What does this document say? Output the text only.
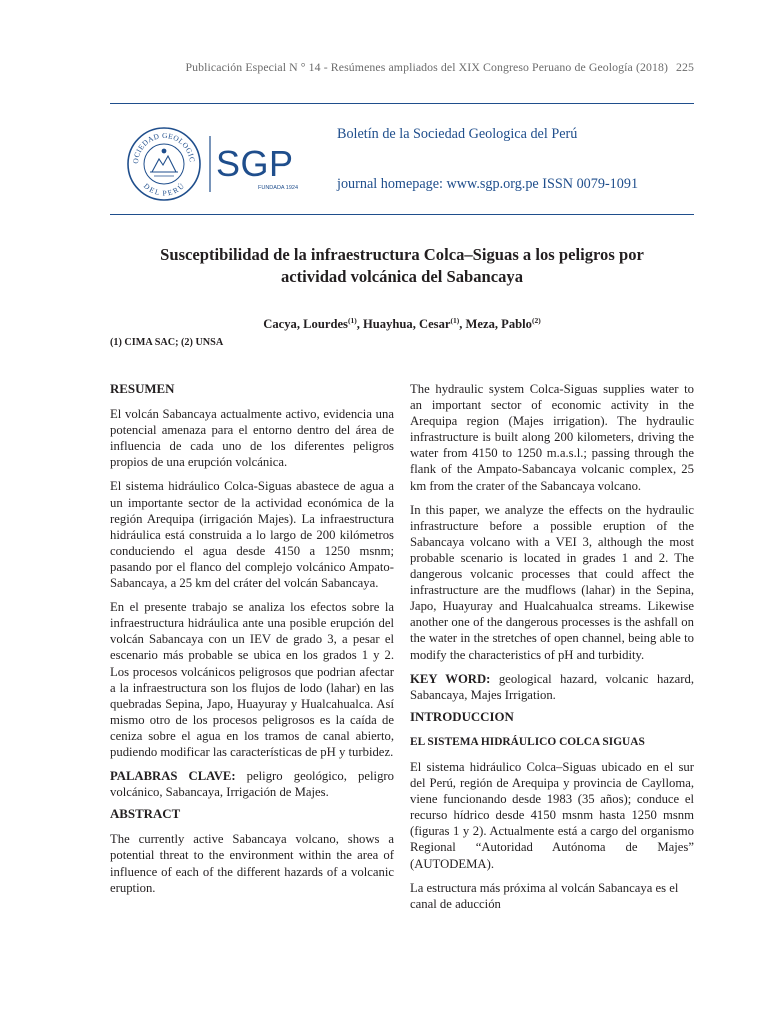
Publicación Especial N ° 14 - Resúmenes ampliados del XIX Congreso Peruano de Geología (2018) 225
OCIEDAD GEOLOGIC
DEL PERÚ
SGP
FUNDADA 1924
Boletín de la Sociedad Geologica del Perú
journal homepage: www.sgp.org.pe ISSN 0079-1091
Susceptibilidad de la infraestructura Colca–Siguas a los peligros por
actividad volcánica del Sabancaya
Cacya, Lourdes$^{(1)}$, Huayhua, Cesar$^{(1)}$, Meza, Pablo$^{(2)}$
(1) CIMA SAC; (2) UNSA
RESUMEN

El volcán Sabancaya actualmente activo, evidencia una potencial amenaza para el entorno dentro del área de influencia de cada uno de los diferentes peligros propios de una erupción volcánica.

El sistema hidráulico Colca-Siguas abastece de agua a un importante sector de la actividad económica de la región Arequipa (irrigación Majes). La infraestructura hidráulica está construida a lo largo de 200 kilómetros conduciendo el agua desde 4150 a 1250 msnm; pasando por el flanco del complejo volcánico Ampato-Sabancaya, a 25 km del cráter del volcán Sabancaya.

En el presente trabajo se analiza los efectos sobre la infraestructura hidráulica ante una posible erupción del volcán Sabancaya con un IEV de grado 3, a pesar el escenario más probable se ubica en los grados 1 y 2. Los procesos volcánicos peligrosos que podrian afectar a la infraestructura son los flujos de lodo (lahar) en las quebradas Sepina, Japo, Huayuray y Hualcahualca. Así mismo otro de los procesos peligrosos es la caída de ceniza sobre el agua en los tramos de canal abierto, pudiendo modificar las características de pH y turbidez.

PALABRAS CLAVE: peligro geológico, peligro volcánico, Sabancaya, Irrigación de Majes.

ABSTRACT

The currently active Sabancaya volcano, shows a potential threat to the environment within the area of influence of each of the different hazards of a volcanic eruption.

The hydraulic system Colca-Siguas supplies water to an important sector of economic activity in the Arequipa region (Majes irrigation). The hydraulic infrastructure is built along 200 kilometers, driving the water from 4150 to 1250 m.a.s.l.; passing through the flank of the Ampato-Sabancaya volcanic complex, 25 km from the crater of the Sabancaya volcano.

In this paper, we analyze the effects on the hydraulic infrastructure before a possible eruption of the Sabancaya volcano with a VEI 3, although the most probable scenario is located in grades 1 and 2. The dangerous volcanic processes that could affect the infrastructure are the mudflows (lahar) in the Sepina, Japo, Huayuray and Hualcahualca streams. Likewise another one of the dangerous processes is the ashfall on the water in the stretches of open channel, being able to modify the characteristics of pH and turbidity.

KEY WORD: geological hazard, volcanic hazard, Sabancaya, Majes Irrigation.

INTRODUCCION
EL SISTEMA HIDRÁULICO COLCA SIGUAS

El sistema hidráulico Colca–Siguas ubicado en el sur del Perú, región de Arequipa y provincia de Caylloma, viene funcionando desde 1983 (35 años); conduce el recurso hídrico desde 4150 msnm hasta 1250 msnm (figuras 1 y 2). Actualmente está a cargo del organismo Regional “Autoridad Autónoma de Majes” (AUTODEMA).

La estructura más próxima al volcán Sabancaya es el canal de aducción
